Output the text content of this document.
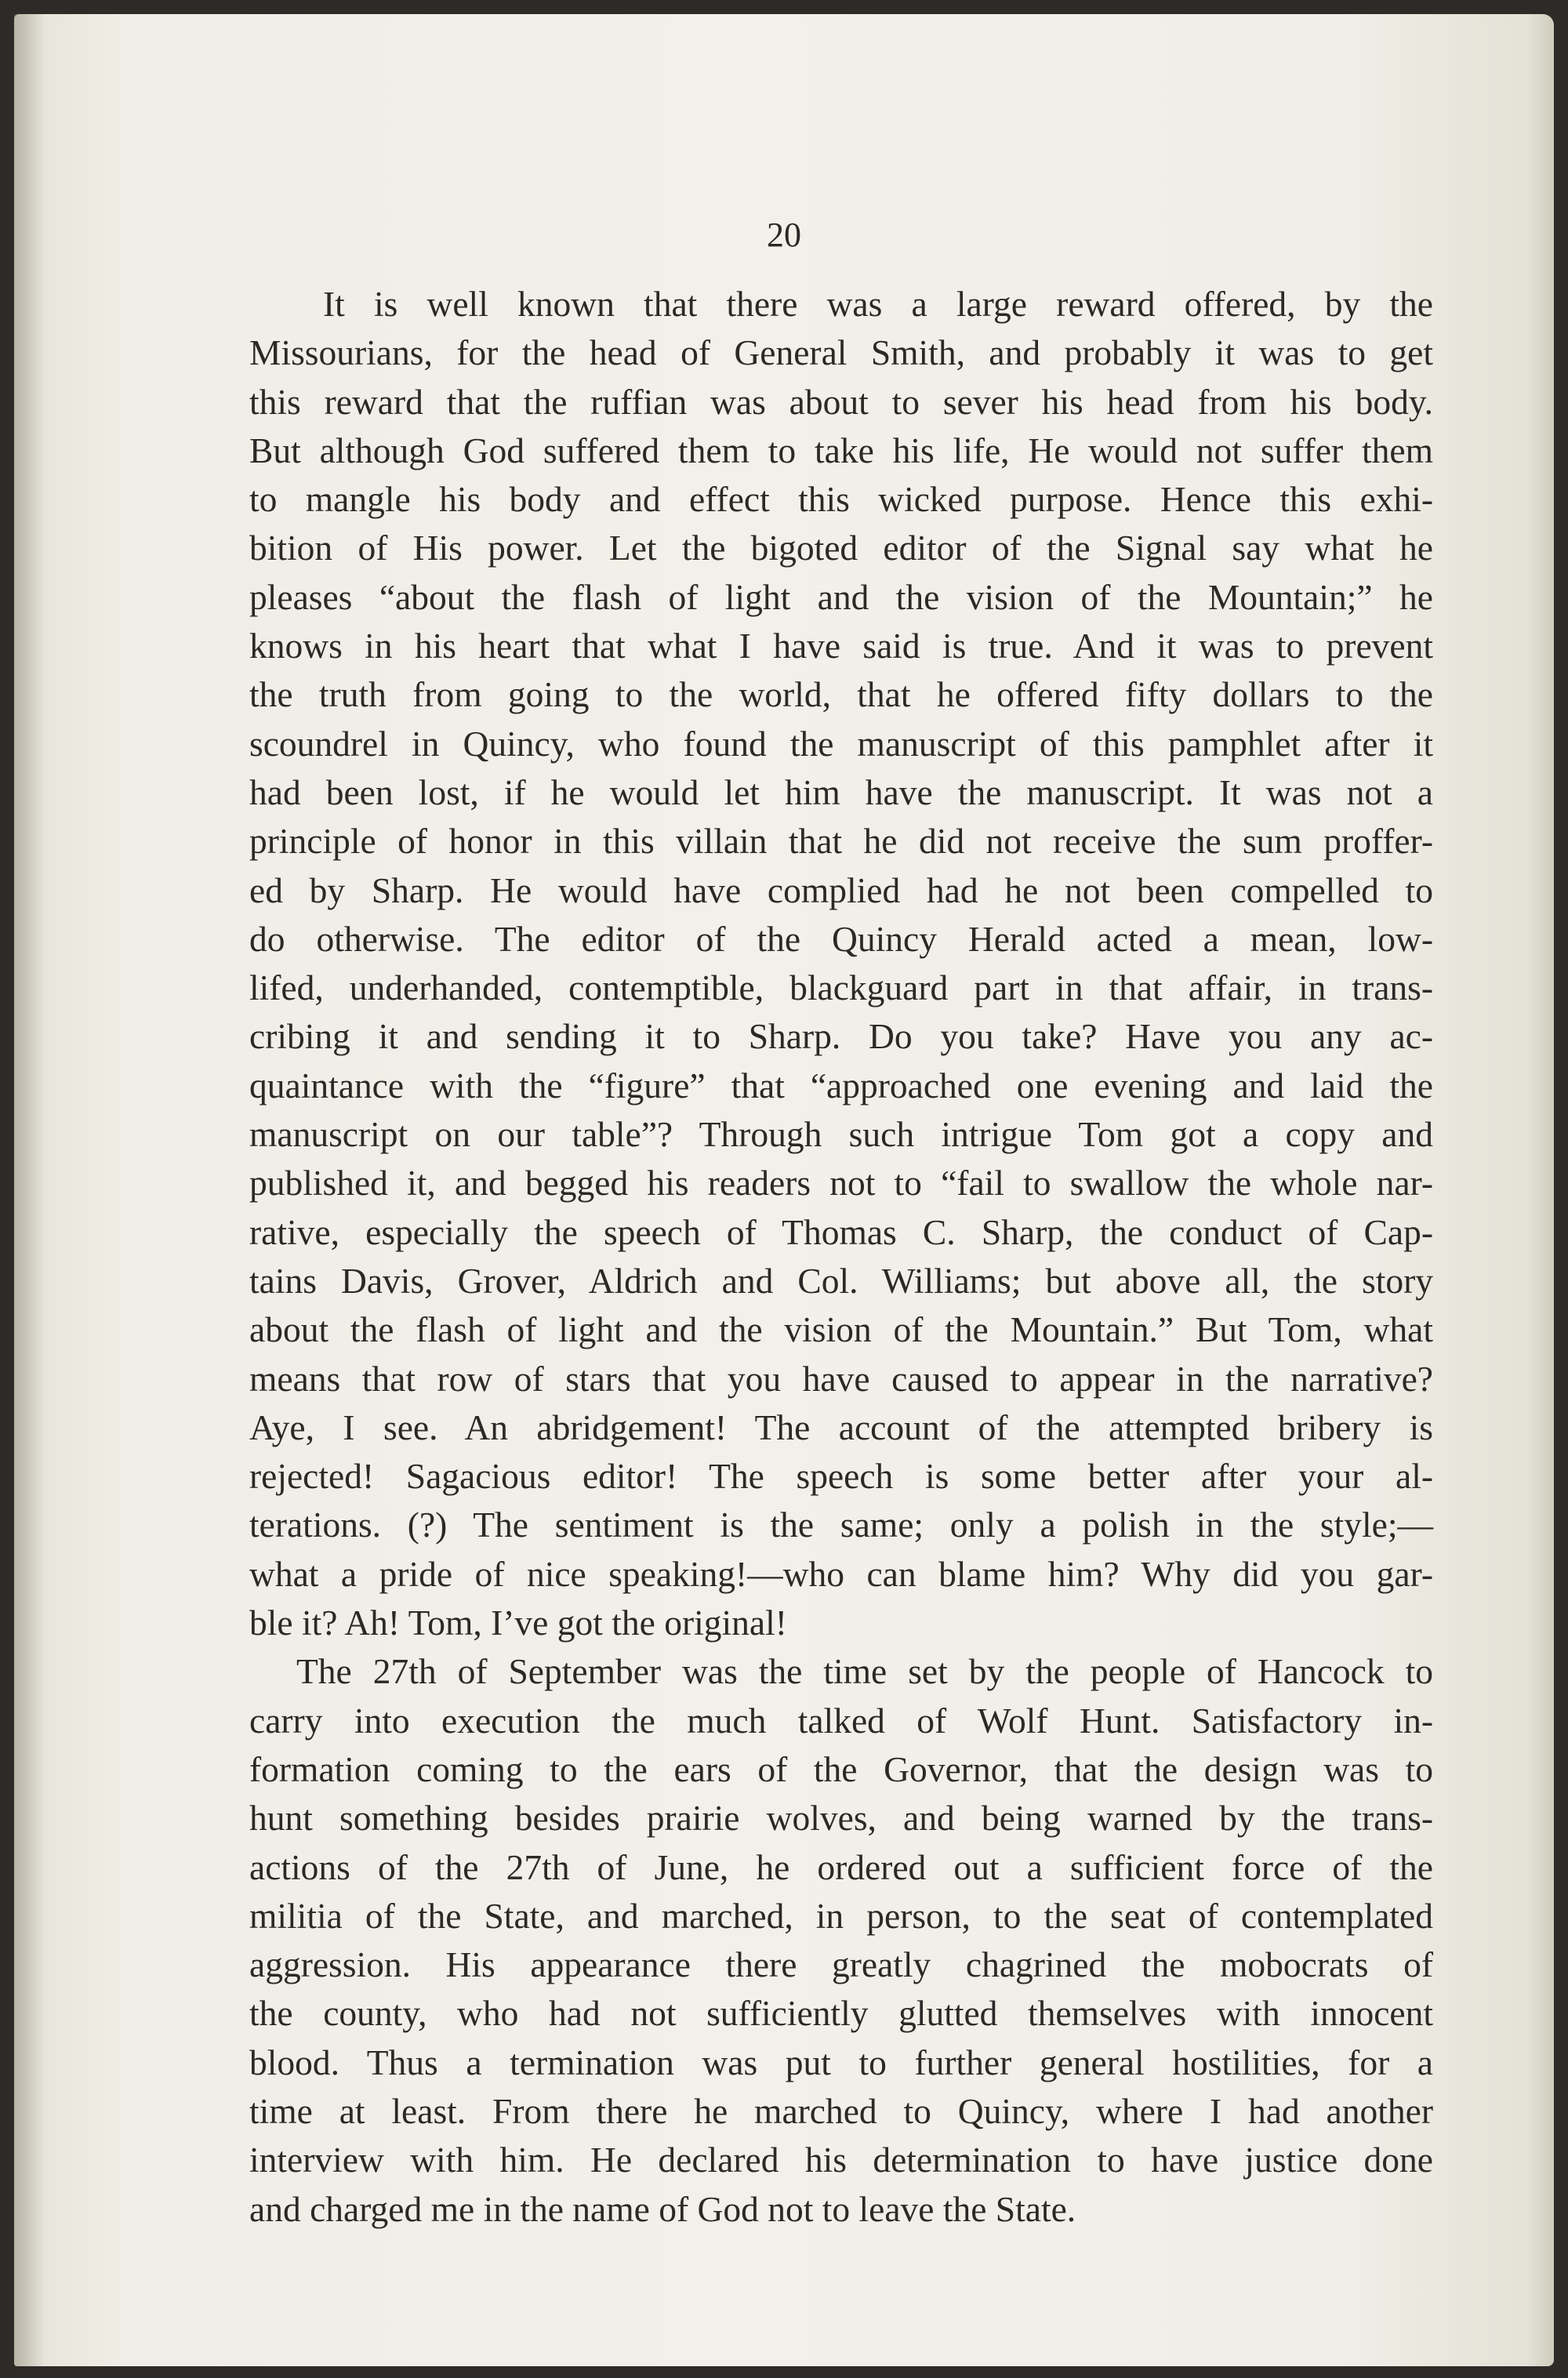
20
It is well known that there was a large reward offered, by the
Missourians, for the head of General Smith, and probably it was to get
this reward that the ruffian was about to sever his head from his body.
But although God suffered them to take his life, He would not suffer them
to mangle his body and effect this wicked purpose. Hence this exhi-
bition of His power. Let the bigoted editor of the Signal say what he
pleases “about the flash of light and the vision of the Mountain;” he
knows in his heart that what I have said is true. And it was to prevent
the truth from going to the world, that he offered fifty dollars to the
scoundrel in Quincy, who found the manuscript of this pamphlet after it
had been lost, if he would let him have the manuscript. It was not a
principle of honor in this villain that he did not receive the sum proffer-
ed by Sharp. He would have complied had he not been compelled to
do otherwise. The editor of the Quincy Herald acted a mean, low-
lifed, underhanded, contemptible, blackguard part in that affair, in trans-
cribing it and sending it to Sharp. Do you take? Have you any ac-
quaintance with the “figure” that “approached one evening and laid the
manuscript on our table”? Through such intrigue Tom got a copy and
published it, and begged his readers not to “fail to swallow the whole nar-
rative, especially the speech of Thomas C. Sharp, the conduct of Cap-
tains Davis, Grover, Aldrich and Col. Williams; but above all, the story
about the flash of light and the vision of the Mountain.” But Tom, what
means that row of stars that you have caused to appear in the narrative?
Aye, I see. An abridgement! The account of the attempted bribery is
rejected! Sagacious editor! The speech is some better after your al-
terations. (?) The sentiment is the same; only a polish in the style;—
what a pride of nice speaking!—who can blame him? Why did you gar-
ble it? Ah! Tom, I’ve got the original!
The 27th of September was the time set by the people of Hancock to
carry into execution the much talked of Wolf Hunt. Satisfactory in-
formation coming to the ears of the Governor, that the design was to
hunt something besides prairie wolves, and being warned by the trans-
actions of the 27th of June, he ordered out a sufficient force of the
militia of the State, and marched, in person, to the seat of contemplated
aggression. His appearance there greatly chagrined the mobocrats of
the county, who had not sufficiently glutted themselves with innocent
blood. Thus a termination was put to further general hostilities, for a
time at least. From there he marched to Quincy, where I had another
interview with him. He declared his determination to have justice done
and charged me in the name of God not to leave the State.
